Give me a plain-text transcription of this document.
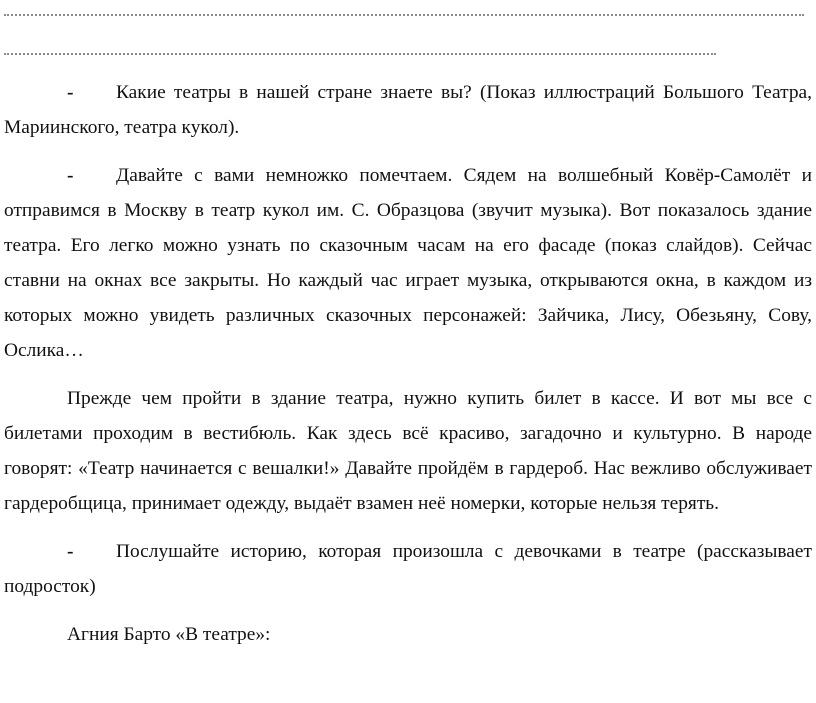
- Какие театры в нашей стране знаете вы? (Показ иллюстраций Большого Театра, Мариинского, театра кукол).

- Давайте с вами немножко помечтаем. Сядем на волшебный Ковёр-Самолёт и отправимся в Москву в театр кукол им. С. Образцова (звучит музыка). Вот показалось здание театра. Его легко можно узнать по сказочным часам на его фасаде (показ слайдов). Сейчас ставни на окнах все закрыты. Но каждый час играет музыка, открываются окна, в каждом из которых можно увидеть различных сказочных персонажей: Зайчика, Лису, Обезьяну, Сову, Ослика…

Прежде чем пройти в здание театра, нужно купить билет в кассе. И вот мы все с билетами проходим в вестибюль. Как здесь всё красиво, загадочно и культурно. В народе говорят: «Театр начинается с вешалки!» Давайте пройдём в гардероб. Нас вежливо обслуживает гардеробщица, принимает одежду, выдаёт взамен неё номерки, которые нельзя терять.

- Послушайте историю, которая произошла с девочками в театре (рассказывает подросток)

Агния Барто «В театре»:
